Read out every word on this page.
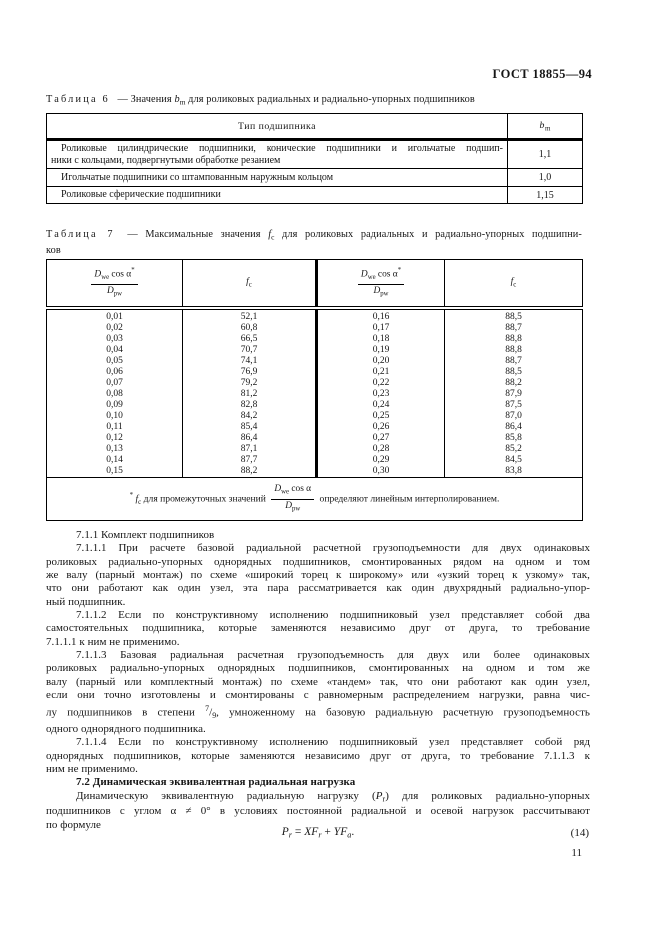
ГОСТ 18855—94
Таблица 6 — Значения $b_m$ для роликовых радиальных и радиально-упорных подшипников
Тип подшипника	$b_m$

Роликовые цилиндрические подшипники, конические подшипники и игольчатые подшип-
ники с кольцами, подвергнутыми обработке резанием	1,1

Игольчатые подшипники со штампованным наружным кольцом	1,0

Роликовые сферические подшипники	1,15
Таблица 7 — Максимальные значения $f_c$ для роликовых радиальных и радиально-упорных подшипни-
ков
$\frac{D_{we} \cos \alpha^*}{D_{pw}}$	$f_c$	$\frac{D_{we} \cos \alpha^*}{D_{pw}}$	$f_c$
0,01	52,1	0,16	88,5
0,02	60,8	0,17	88,7
0,03	66,5	0,18	88,8
0,04	70,7	0,19	88,8
0,05	74,1	0,20	88,7
0,06	76,9	0,21	88,5
0,07	79,2	0,22	88,2
0,08	81,2	0,23	87,9
0,09	82,8	0,24	87,5
0,10	84,2	0,25	87,0
0,11	85,4	0,26	86,4
0,12	86,4	0,27	85,8
0,13	87,1	0,28	85,2
0,14	87,7	0,29	84,5
0,15	88,2	0,30	83,8
* $f_c$ для промежуточных значений $\frac{D_{we} \cos \alpha}{D_{pw}}$ определяют линейным интерполированием.			
7.1.1 Комплект подшипников
7.1.1.1 При расчете базовой радиальной расчетной грузоподъемности для двух одинаковых
роликовых радиально-упорных однорядных подшипников, смонтированных рядом на одном и том
же валу (парный монтаж) по схеме «широкий торец к широкому» или «узкий торец к узкому» так,
что они работают как один узел, эта пара рассматривается как один двухрядный радиально-упор-
ный подшипник.
7.1.1.2 Если по конструктивному исполнению подшипниковый узел представляет собой два
самостоятельных подшипника, которые заменяются независимо друг от друга, то требование
7.1.1.1 к ним не применимо.
7.1.1.3 Базовая радиальная расчетная грузоподъемность для двух или более одинаковых
роликовых радиально-упорных однорядных подшипников, смонтированных на одном и том же
валу (парный или комплектный монтаж) по схеме «тандем» так, что они работают как один узел,
если они точно изготовлены и смонтированы с равномерным распределением нагрузки, равна чис-
лу подшипников в степени $^7/_9$, умноженному на базовую радиальную расчетную грузоподъемность
одного однорядного подшипника.
7.1.1.4 Если по конструктивному исполнению подшипниковый узел представляет собой ряд
однорядных подшипников, которые заменяются независимо друг от друга, то требование 7.1.1.3 к
ним не применимо.
7.2 Динамическая эквивалентная радиальная нагрузка
Динамическую эквивалентную радиальную нагрузку $(P_r)$ для роликовых радиально-упорных
подшипников с углом α ≠ 0° в условиях постоянной радиальной и осевой нагрузок рассчитывают
по формуле
$P_r = XF_r + YF_a$.	(14)
11
